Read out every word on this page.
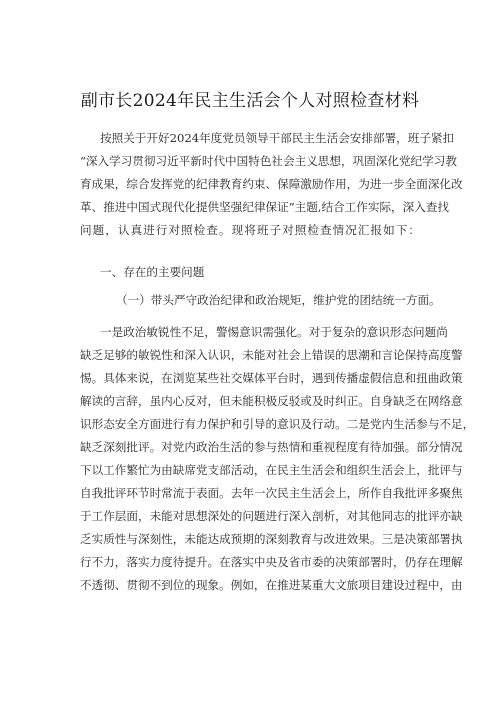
副市长2024年民主生活会个人对照检查材料
按照关于开好2024年度党员领导干部民主生活会安排部署，班子紧扣
“深入学习贯彻习近平新时代中国特色社会主义思想，巩固深化党纪学习教
育成果，综合发挥党的纪律教育约束、保障激励作用，为进一步全面深化改
革、推进中国式现代化提供坚强纪律保证”主题,结合工作实际，深入查找
问题，认真进行对照检查。现将班子对照检查情况汇报如下：
一、存在的主要问题
（一）带头严守政治纪律和政治规矩，维护党的团结统一方面。
一是政治敏锐性不足，警惕意识需强化。对于复杂的意识形态问题尚
缺乏足够的敏锐性和深入认识，未能对社会上错误的思潮和言论保持高度警
惕。具体来说，在浏览某些社交媒体平台时，遇到传播虚假信息和扭曲政策
解读的言辞，虽内心反对，但未能积极反驳或及时纠正。自身缺乏在网络意
识形态安全方面进行有力保护和引导的意识及行动。二是党内生活参与不足，
缺乏深刻批评。对党内政治生活的参与热情和重视程度有待加强。部分情况
下以工作繁忙为由缺席党支部活动，在民主生活会和组织生活会上，批评与
自我批评环节时常流于表面。去年一次民主生活会上，所作自我批评多聚焦
于工作层面，未能对思想深处的问题进行深入剖析，对其他同志的批评亦缺
乏实质性与深刻性，未能达成预期的深刻教育与改进效果。三是决策部署执
行不力，落实力度待提升。在落实中央及省市委的决策部署时，仍存在理解
不透彻、贯彻不到位的现象。例如，在推进某重大文旅项目建设过程中，由
